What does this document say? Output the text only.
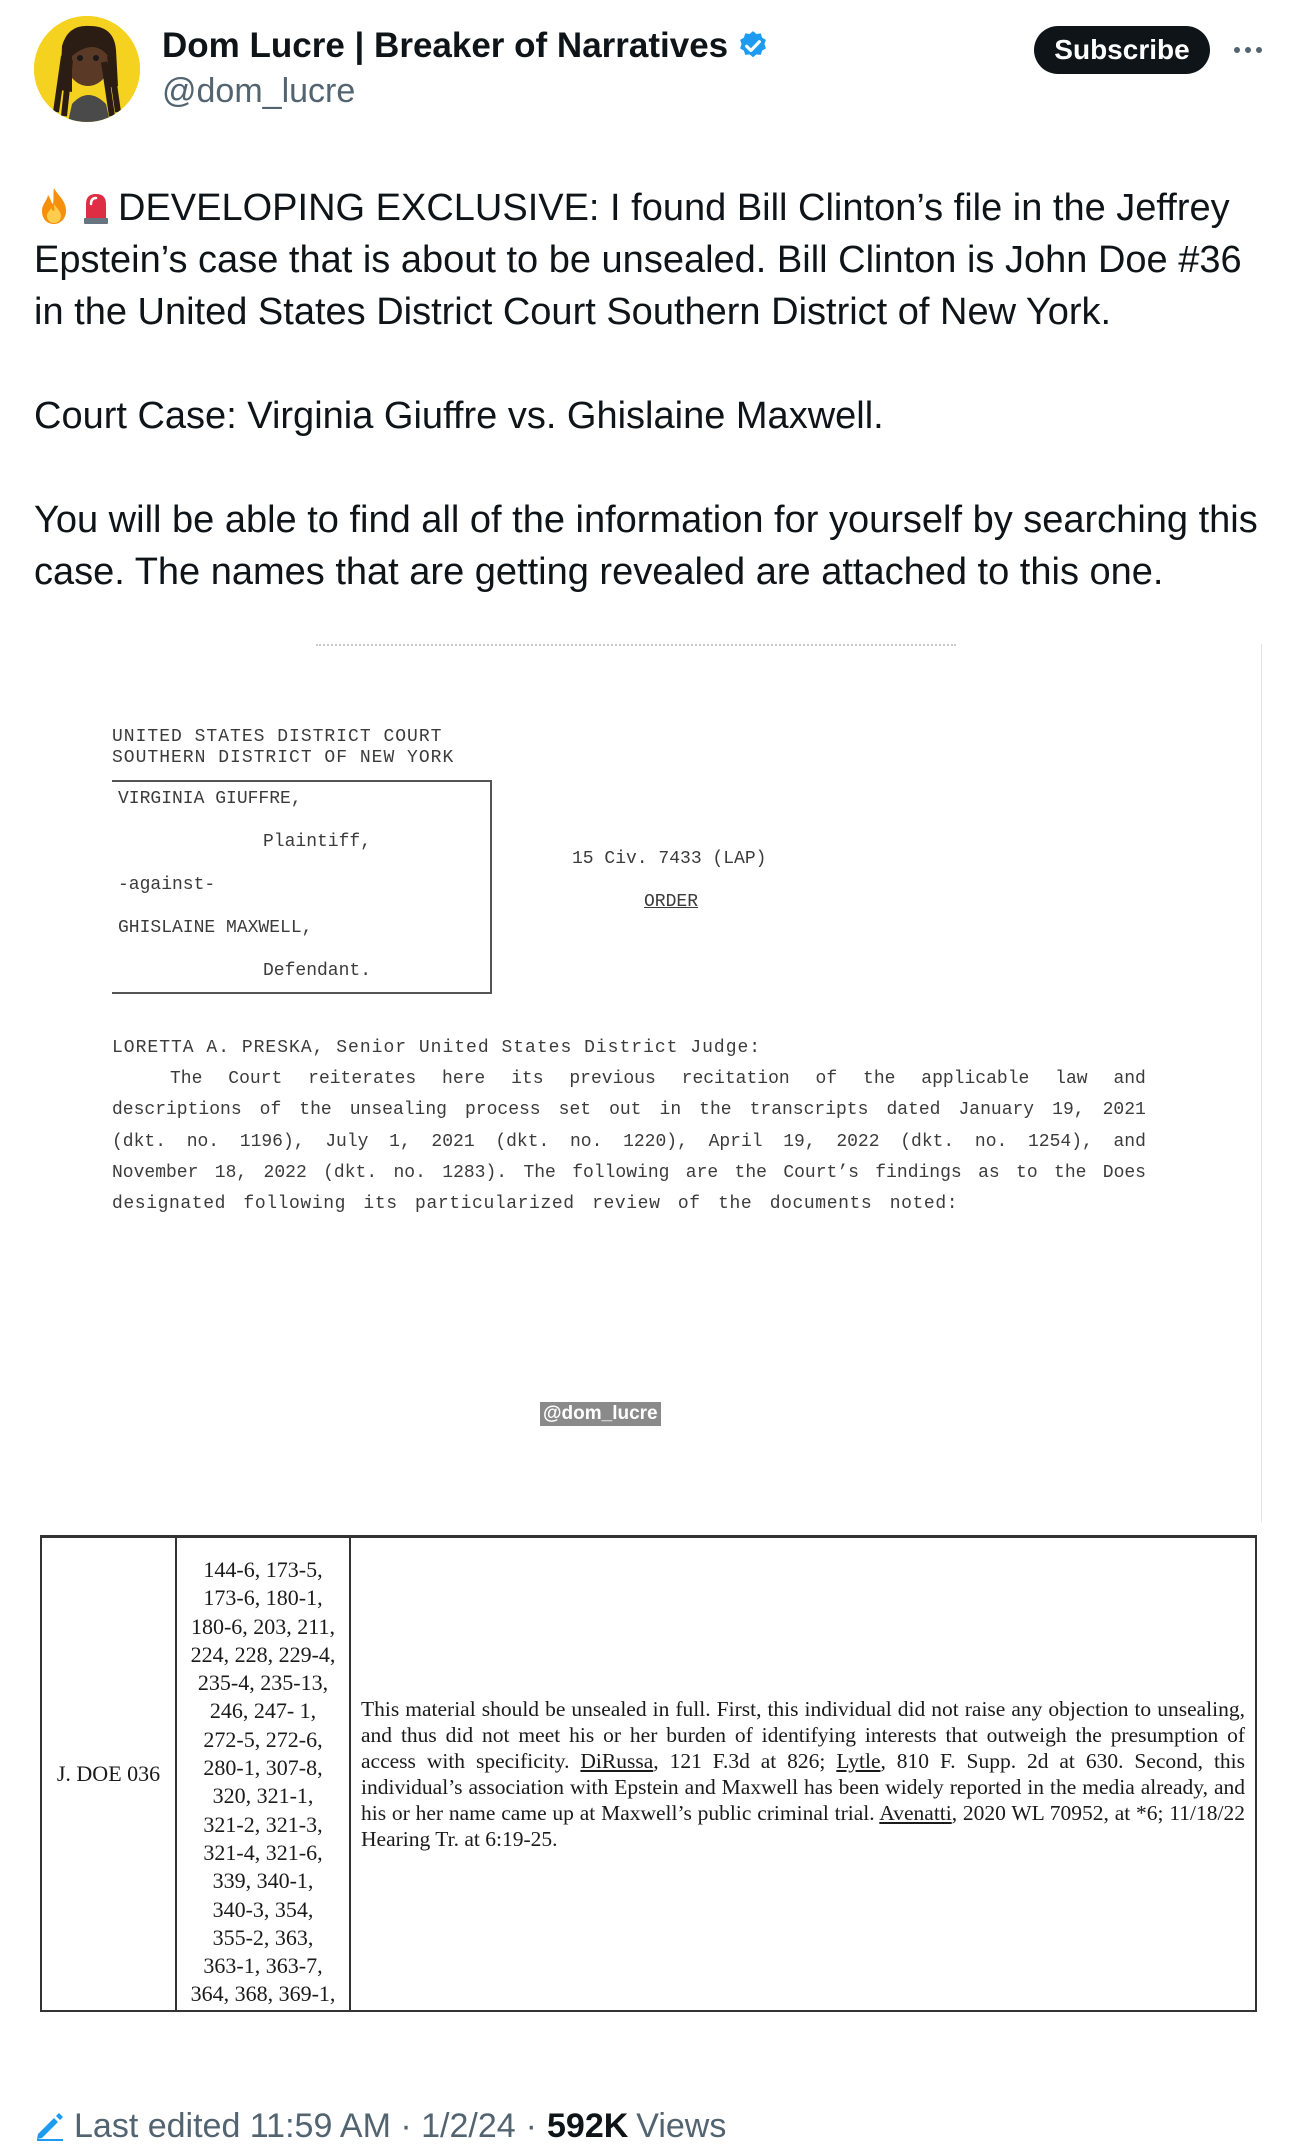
Dom Lucre | Breaker of Narratives
@dom_lucre
Subscribe

DEVELOPING EXCLUSIVE: I found Bill Clinton’s file in the Jeffrey Epstein’s case that is about to be unsealed. Bill Clinton is John Doe #36 in the United States District Court Southern District of New York.

Court Case: Virginia Giuffre vs. Ghislaine Maxwell.

You will be able to find all of the information for yourself by searching this case. The names that are getting revealed are attached to this one.

UNITED STATES DISTRICT COURT
SOUTHERN DISTRICT OF NEW YORK
VIRGINIA GIUFFRE,
Plaintiff,
-against-
GHISLAINE MAXWELL,
Defendant.
15 Civ. 7433 (LAP)
ORDER
LORETTA A. PRESKA, Senior United States District Judge:
The Court reiterates here its previous recitation of the applicable law and
descriptions of the unsealing process set out in the transcripts dated January 19, 2021
(dkt. no. 1196), July 1, 2021 (dkt. no. 1220), April 19, 2022 (dkt. no. 1254), and
November 18, 2022 (dkt. no. 1283). The following are the Court’s findings as to the Does
designated following its particularized review of the documents noted:
@dom_lucre
J. DOE 036
144-6, 173-5,
173-6, 180-1,
180-6, 203, 211,
224, 228, 229-4,
235-4, 235-13,
246, 247- 1,
272-5, 272-6,
280-1, 307-8,
320, 321-1,
321-2, 321-3,
321-4, 321-6,
339, 340-1,
340-3, 354,
355-2, 363,
363-1, 363-7,
364, 368, 369-1,
This material should be unsealed in full. First, this individual did not raise any objection to unsealing, and thus did not meet his or her burden of identifying interests that outweigh the presumption of access with specificity. DiRussa, 121 F.3d at 826; Lytle, 810 F. Supp. 2d at 630. Second, this individual’s association with Epstein and Maxwell has been widely reported in the media already, and his or her name came up at Maxwell’s public criminal trial. Avenatti, 2020 WL 70952, at *6; 11/18/22 Hearing Tr. at 6:19-25.
Last edited 11:59 AM · 1/2/24 · 592K Views
